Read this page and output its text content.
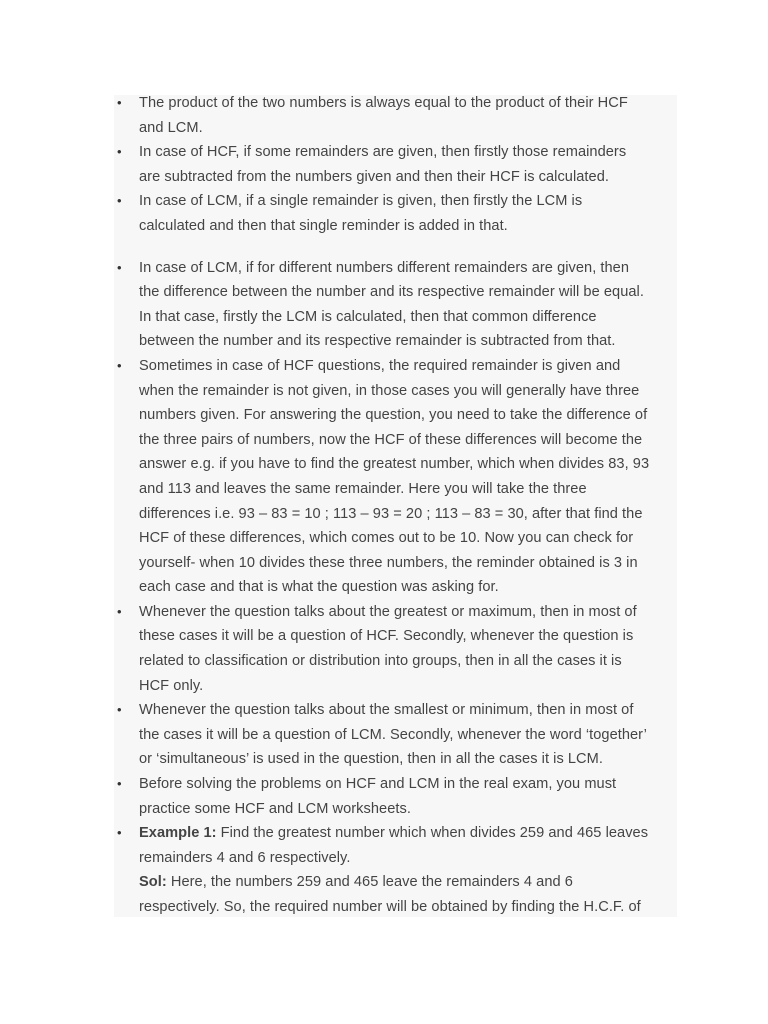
• The product of the two numbers is always equal to the product of their HCF
and LCM.
• In case of HCF, if some remainders are given, then firstly those remainders
are subtracted from the numbers given and then their HCF is calculated.
• In case of LCM, if a single remainder is given, then firstly the LCM is
calculated and then that single reminder is added in that.
• In case of LCM, if for different numbers different remainders are given, then
the difference between the number and its respective remainder will be equal.
In that case, firstly the LCM is calculated, then that common difference
between the number and its respective remainder is subtracted from that.
• Sometimes in case of HCF questions, the required remainder is given and
when the remainder is not given, in those cases you will generally have three
numbers given. For answering the question, you need to take the difference of
the three pairs of numbers, now the HCF of these differences will become the
answer e.g. if you have to find the greatest number, which when divides 83, 93
and 113 and leaves the same remainder. Here you will take the three
differences i.e. 93 – 83 = 10 ; 113 – 93 = 20 ; 113 – 83 = 30, after that find the
HCF of these differences, which comes out to be 10. Now you can check for
yourself- when 10 divides these three numbers, the reminder obtained is 3 in
each case and that is what the question was asking for.
• Whenever the question talks about the greatest or maximum, then in most of
these cases it will be a question of HCF. Secondly, whenever the question is
related to classification or distribution into groups, then in all the cases it is
HCF only.
• Whenever the question talks about the smallest or minimum, then in most of
the cases it will be a question of LCM. Secondly, whenever the word ‘together’
or ‘simultaneous’ is used in the question, then in all the cases it is LCM.
• Before solving the problems on HCF and LCM in the real exam, you must
practice some HCF and LCM worksheets.
• Example 1: Find the greatest number which when divides 259 and 465 leaves
remainders 4 and 6 respectively.
Sol: Here, the numbers 259 and 465 leave the remainders 4 and 6
respectively. So, the required number will be obtained by finding the H.C.F. of
